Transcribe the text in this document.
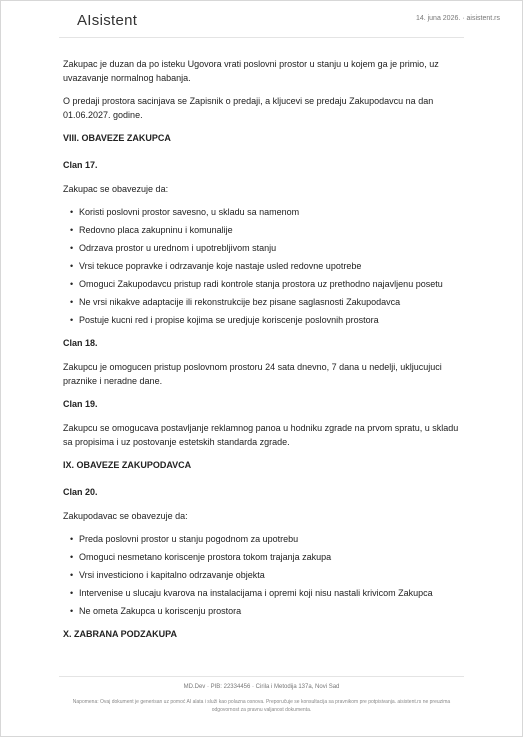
AIsistent	14. juna 2026. · aisistent.rs

Zakupac je duzan da po isteku Ugovora vrati poslovni prostor u stanju u kojem ga je primio, uz uvazavanje normalnog habanja.

O predaji prostora sacinjava se Zapisnik o predaji, a kljucevi se predaju Zakupodavcu na dan 01.06.2027. godine.

VIII. OBAVEZE ZAKUPCA
Clan 17.

Zakupac se obavezuje da:

• Koristi poslovni prostor savesno, u skladu sa namenom
• Redovno placa zakupninu i komunalije
• Odrzava prostor u urednom i upotrebljivom stanju
• Vrsi tekuce popravke i odrzavanje koje nastaje usled redovne upotrebe
• Omoguci Zakupodavcu pristup radi kontrole stanja prostora uz prethodno najavljenu posetu
• Ne vrsi nikakve adaptacije ili rekonstrukcije bez pisane saglasnosti Zakupodavca
• Postuje kucni red i propise kojima se uredjuje koriscenje poslovnih prostora
Clan 18.

Zakupcu je omogucen pristup poslovnom prostoru 24 sata dnevno, 7 dana u nedelji, ukljucujuci praznike i neradne dane.

Clan 19.

Zakupcu se omogucava postavljanje reklamnog panoa u hodniku zgrade na prvom spratu, u skladu sa propisima i uz postovanje estetskih standarda zgrade.

IX. OBAVEZE ZAKUPODAVCA
Clan 20.

Zakupodavac se obavezuje da:

• Preda poslovni prostor u stanju pogodnom za upotrebu
• Omoguci nesmetano koriscenje prostora tokom trajanja zakupa
• Vrsi investiciono i kapitalno odrzavanje objekta
• Intervenise u slucaju kvarova na instalacijama i opremi koji nisu nastali krivicom Zakupca
• Ne ometa Zakupca u koriscenju prostora
X. ZABRANA PODZAKUPA
MD.Dev · PIB: 22334456 · Cirila i Metodija 137a, Novi Sad
Napomena: Ovaj dokument je generisan uz pomoć AI alata i služi kao polazna osnova. Preporučuje se konsultacija sa pravnikom pre potpisivanja. aisistent.rs ne preuzima odgovornost za pravnu valjanost dokumenta.
